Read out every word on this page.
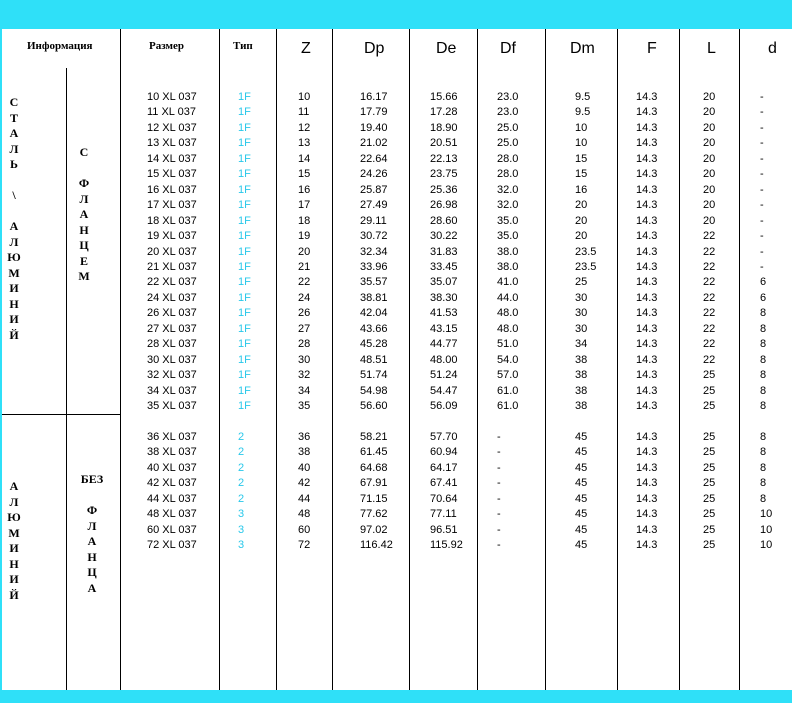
Информация	Размер	Тип	Z	Dp	De	Df	Dm	F	L	d
С
Т
А
Л
Ь

\

А
Л
Ю
М
И
Н
И
Й
С

Ф
Л
А
Н
Ц
Е
М
А
Л
Ю
М
И
Н
И
Й
БЕЗ

Ф
Л
А
Н
Ц
А
10 XL 037	1F	10	16.17	15.66	23.0	9.5	14.3	20	-
11 XL 037	1F	11	17.79	17.28	23.0	9.5	14.3	20	-
12 XL 037	1F	12	19.40	18.90	25.0	10	14.3	20	-
13 XL 037	1F	13	21.02	20.51	25.0	10	14.3	20	-
14 XL 037	1F	14	22.64	22.13	28.0	15	14.3	20	-
15 XL 037	1F	15	24.26	23.75	28.0	15	14.3	20	-
16 XL 037	1F	16	25.87	25.36	32.0	16	14.3	20	-
17 XL 037	1F	17	27.49	26.98	32.0	20	14.3	20	-
18 XL 037	1F	18	29.11	28.60	35.0	20	14.3	20	-
19 XL 037	1F	19	30.72	30.22	35.0	20	14.3	22	-
20 XL 037	1F	20	32.34	31.83	38.0	23.5	14.3	22	-
21 XL 037	1F	21	33.96	33.45	38.0	23.5	14.3	22	-
22 XL 037	1F	22	35.57	35.07	41.0	25	14.3	22	6
24 XL 037	1F	24	38.81	38.30	44.0	30	14.3	22	6
26 XL 037	1F	26	42.04	41.53	48.0	30	14.3	22	8
27 XL 037	1F	27	43.66	43.15	48.0	30	14.3	22	8
28 XL 037	1F	28	45.28	44.77	51.0	34	14.3	22	8
30 XL 037	1F	30	48.51	48.00	54.0	38	14.3	22	8
32 XL 037	1F	32	51.74	51.24	57.0	38	14.3	25	8
34 XL 037	1F	34	54.98	54.47	61.0	38	14.3	25	8
35 XL 037	1F	35	56.60	56.09	61.0	38	14.3	25	8
36 XL 037	2	36	58.21	57.70	-	45	14.3	25	8
38 XL 037	2	38	61.45	60.94	-	45	14.3	25	8
40 XL 037	2	40	64.68	64.17	-	45	14.3	25	8
42 XL 037	2	42	67.91	67.41	-	45	14.3	25	8
44 XL 037	2	44	71.15	70.64	-	45	14.3	25	8
48 XL 037	3	48	77.62	77.11	-	45	14.3	25	10
60 XL 037	3	60	97.02	96.51	-	45	14.3	25	10
72 XL 037	3	72	116.42	115.92	-	45	14.3	25	10
